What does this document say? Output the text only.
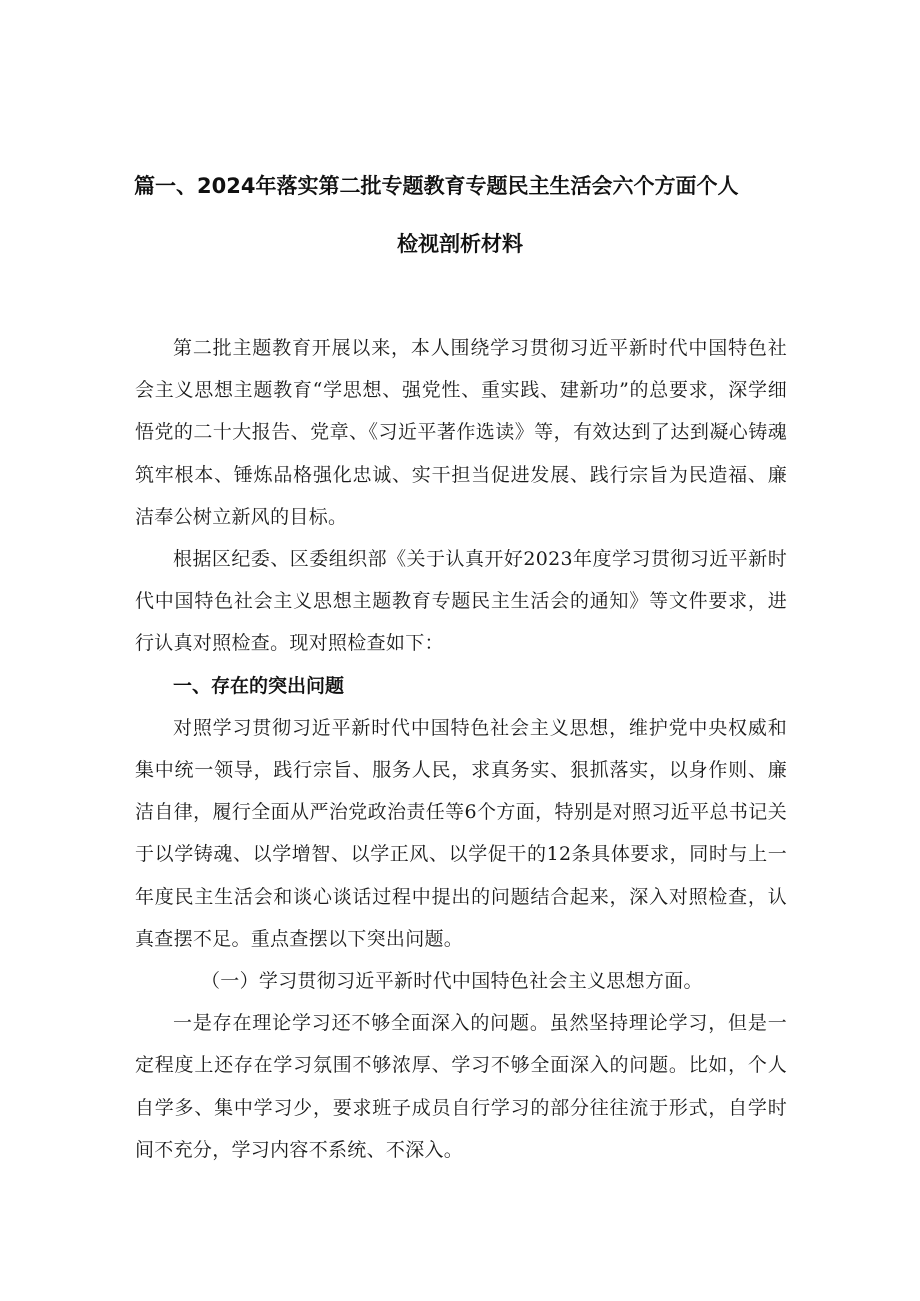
篇一、2024年落实第二批专题教育专题民主生活会六个方面个人
检视剖析材料

第二批主题教育开展以来，本人围绕学习贯彻习近平新时代中国特色社会主义思想主题教育“学思想、强党性、重实践、建新功”的总要求，深学细悟党的二十大报告、党章、《习近平著作选读》等，有效达到了达到凝心铸魂筑牢根本、锤炼品格强化忠诚、实干担当促进发展、践行宗旨为民造福、廉洁奉公树立新风的目标。

根据区纪委、区委组织部《关于认真开好2023年度学习贯彻习近平新时代中国特色社会主义思想主题教育专题民主生活会的通知》等文件要求，进行认真对照检查。现对照检查如下：

一、存在的突出问题

对照学习贯彻习近平新时代中国特色社会主义思想，维护党中央权威和集中统一领导，践行宗旨、服务人民，求真务实、狠抓落实，以身作则、廉洁自律，履行全面从严治党政治责任等6个方面，特别是对照习近平总书记关于以学铸魂、以学增智、以学正风、以学促干的12条具体要求，同时与上一年度民主生活会和谈心谈话过程中提出的问题结合起来，深入对照检查，认真查摆不足。重点查摆以下突出问题。

（一）学习贯彻习近平新时代中国特色社会主义思想方面。

一是存在理论学习还不够全面深入的问题。虽然坚持理论学习，但是一定程度上还存在学习氛围不够浓厚、学习不够全面深入的问题。比如，个人自学多、集中学习少，要求班子成员自行学习的部分往往流于形式，自学时间不充分，学习内容不系统、不深入。
